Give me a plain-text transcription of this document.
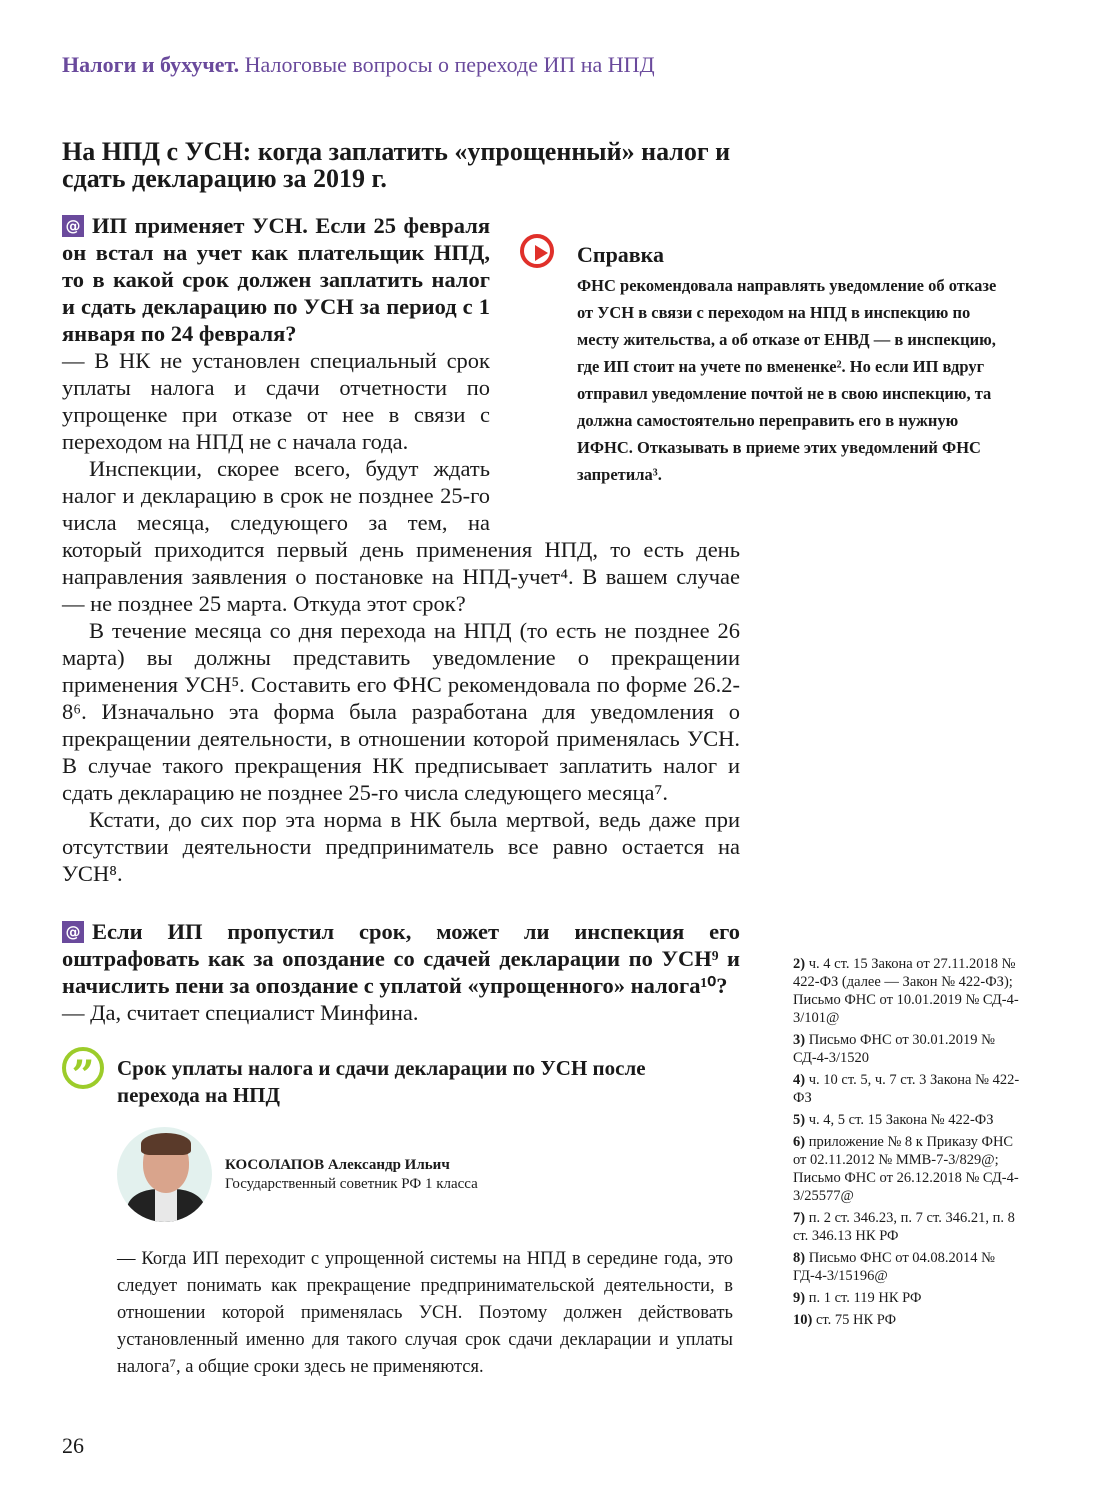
Налоги и бухучет. Налоговые вопросы о переходе ИП на НПД
На НПД с УСН: когда заплатить «упрощенный» налог и сдать декларацию за 2019 г.

@ ИП применяет УСН. Если 25 февраля он встал на учет как плательщик НПД, то в какой срок должен заплатить налог и сдать декларацию по УСН за период с 1 января по 24 февраля?

— В НК не установлен специальный срок уплаты налога и сдачи отчетности по упрощенке при отказе от нее в связи с переходом на НПД не с начала года.

Инспекции, скорее всего, будут ждать налог и декларацию в срок не позднее 25-го числа месяца, следующего за тем, на который приходится первый день применения НПД, то есть день направления заявления о постановке на НПД-учет⁴. В вашем случае — не позднее 25 марта. Откуда этот срок?

В течение месяца со дня перехода на НПД (то есть не позднее 26 марта) вы должны представить уведомление о прекращении применения УСН⁵. Составить его ФНС рекомендовала по форме 26.2-8⁶. Изначально эта форма была разработана для уведомления о прекращении деятельности, в отношении которой применялась УСН. В случае такого прекращения НК предписывает заплатить налог и сдать декларацию не позднее 25-го числа следующего месяца⁷.

Кстати, до сих пор эта норма в НК была мертвой, ведь даже при отсутствии деятельности предприниматель все равно остается на УСН⁸.

Справка
ФНС рекомендовала направлять уведомление об отказе от УСН в связи с переходом на НПД в инспекцию по месту жительства, а об отказе от ЕНВД — в инспекцию, где ИП стоит на учете по вмененке². Но если ИП вдруг отправил уведомление почтой не в свою инспекцию, та должна самостоятельно переправить его в нужную ИФНС. Отказывать в приеме этих уведомлений ФНС запретила³.

@ Если ИП пропустил срок, может ли инспекция его оштрафовать как за опоздание со сдачей декларации по УСН⁹ и начислить пени за опоздание с уплатой «упрощенного» налога¹⁰?

— Да, считает специалист Минфина.

”	Срок уплаты налога и сдачи декларации по УСН после перехода на НПД
КОСОЛАПОВ Александр Ильич
Государственный советник РФ 1 класса
— Когда ИП переходит с упрощенной системы на НПД в середине года, это следует понимать как прекращение предпринимательской деятельности, в отношении которой применялась УСН. Поэтому должен действовать установленный именно для такого случая срок сдачи декларации и уплаты налога⁷, а общие сроки здесь не применяются.
2) ч. 4 ст. 15 Закона от 27.11.2018 № 422-ФЗ (далее — Закон № 422-ФЗ); Письмо ФНС от 10.01.2019 № СД-4-3/101@
3) Письмо ФНС от 30.01.2019 № СД-4-3/1520
4) ч. 10 ст. 5, ч. 7 ст. 3 Закона № 422-ФЗ
5) ч. 4, 5 ст. 15 Закона № 422-ФЗ
6) приложение № 8 к Приказу ФНС от 02.11.2012 № ММВ-7-3/829@; Письмо ФНС от 26.12.2018 № СД-4-3/25577@
7) п. 2 ст. 346.23, п. 7 ст. 346.21, п. 8 ст. 346.13 НК РФ
8) Письмо ФНС от 04.08.2014 № ГД-4-3/15196@
9) п. 1 ст. 119 НК РФ
10) ст. 75 НК РФ
26
